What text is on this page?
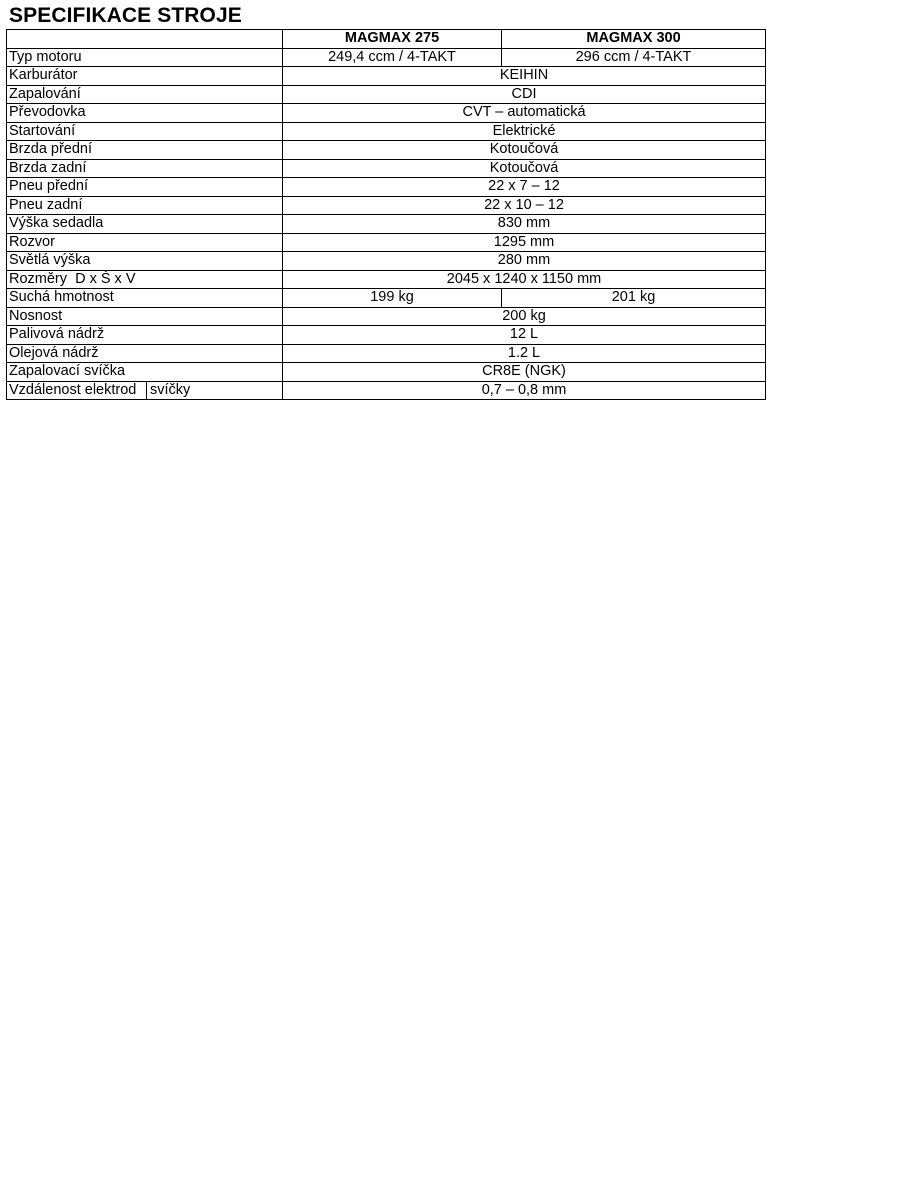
SPECIFIKACE STROJE
	MAGMAX 275	MAGMAX 300
Typ motoru	249,4 ccm / 4-TAKT	296 ccm / 4-TAKT
Karburátor	KEIHIN	
Zapalování	CDI	
Převodovka	CVT – automatická	
Startování	Elektrické	
Brzda přední	Kotoučová	
Brzda zadní	Kotoučová	
Pneu přední	22 x 7 – 12	
Pneu zadní	22 x 10 – 12	
Výška sedadla	830 mm	
Rozvor	1295 mm	
Světlá výška	280 mm	
Rozměry  D x Š x V	2045 x 1240 x 1150 mm	
Suchá hmotnost	199 kg	201 kg
Nosnost	200 kg	
Palivová nádrž	12 L	
Olejová nádrž	1.2 L	
Zapalovací svíčka	CR8E (NGK)	

Vzdálenost elektrod svíčky	0,7 – 0,8 mm	
